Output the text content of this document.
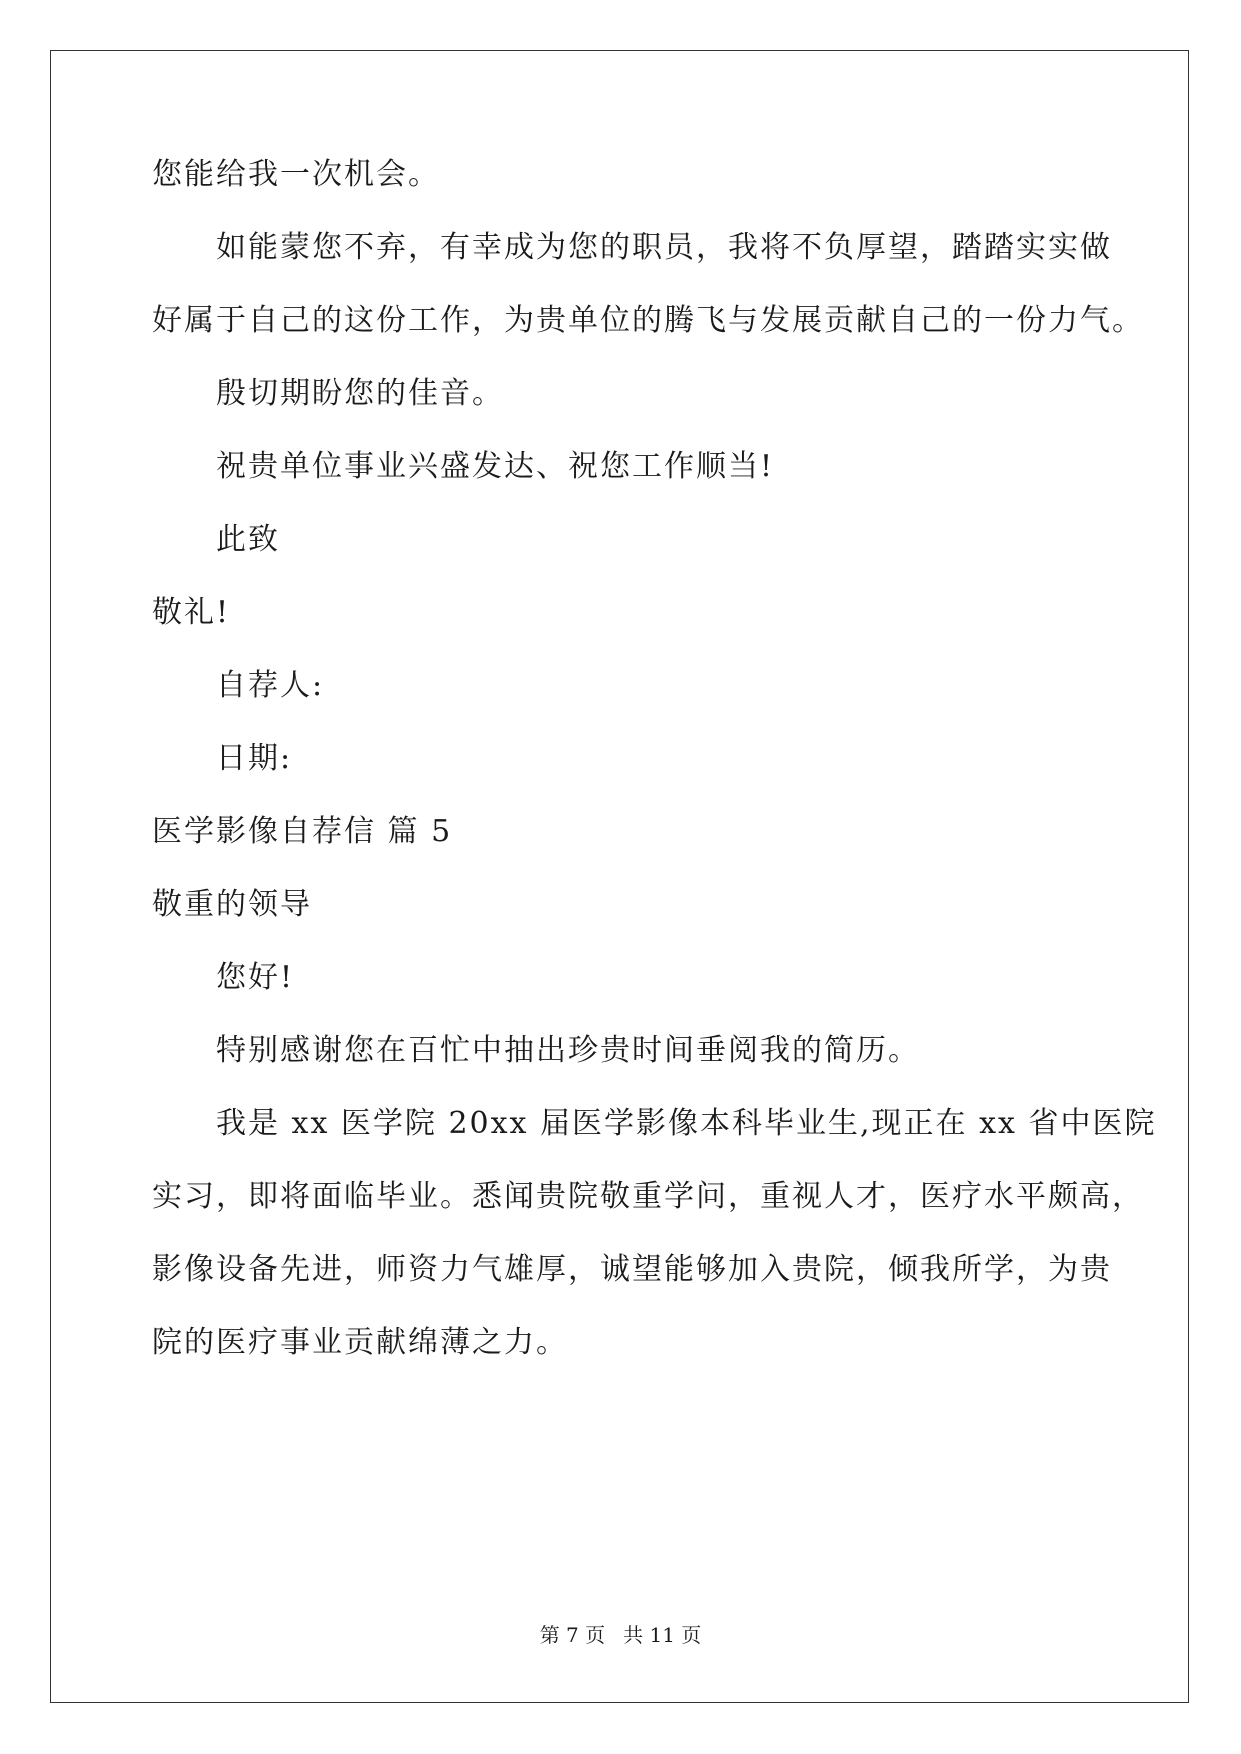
您能给我一次机会。
如能蒙您不弃，有幸成为您的职员，我将不负厚望，踏踏实实做
好属于自己的这份工作，为贵单位的腾飞与发展贡献自己的一份力气。
殷切期盼您的佳音。
祝贵单位事业兴盛发达、祝您工作顺当!
此致
敬礼!
自荐人:
日期:
医学影像自荐信 篇 5
敬重的领导
您好!
特别感谢您在百忙中抽出珍贵时间垂阅我的简历。
我是 xx 医学院 20xx 届医学影像本科毕业生,现正在 xx 省中医院
实习，即将面临毕业。悉闻贵院敬重学问，重视人才，医疗水平颇高，
影像设备先进，师资力气雄厚，诚望能够加入贵院，倾我所学，为贵
院的医疗事业贡献绵薄之力。
第 7 页 共 11 页
